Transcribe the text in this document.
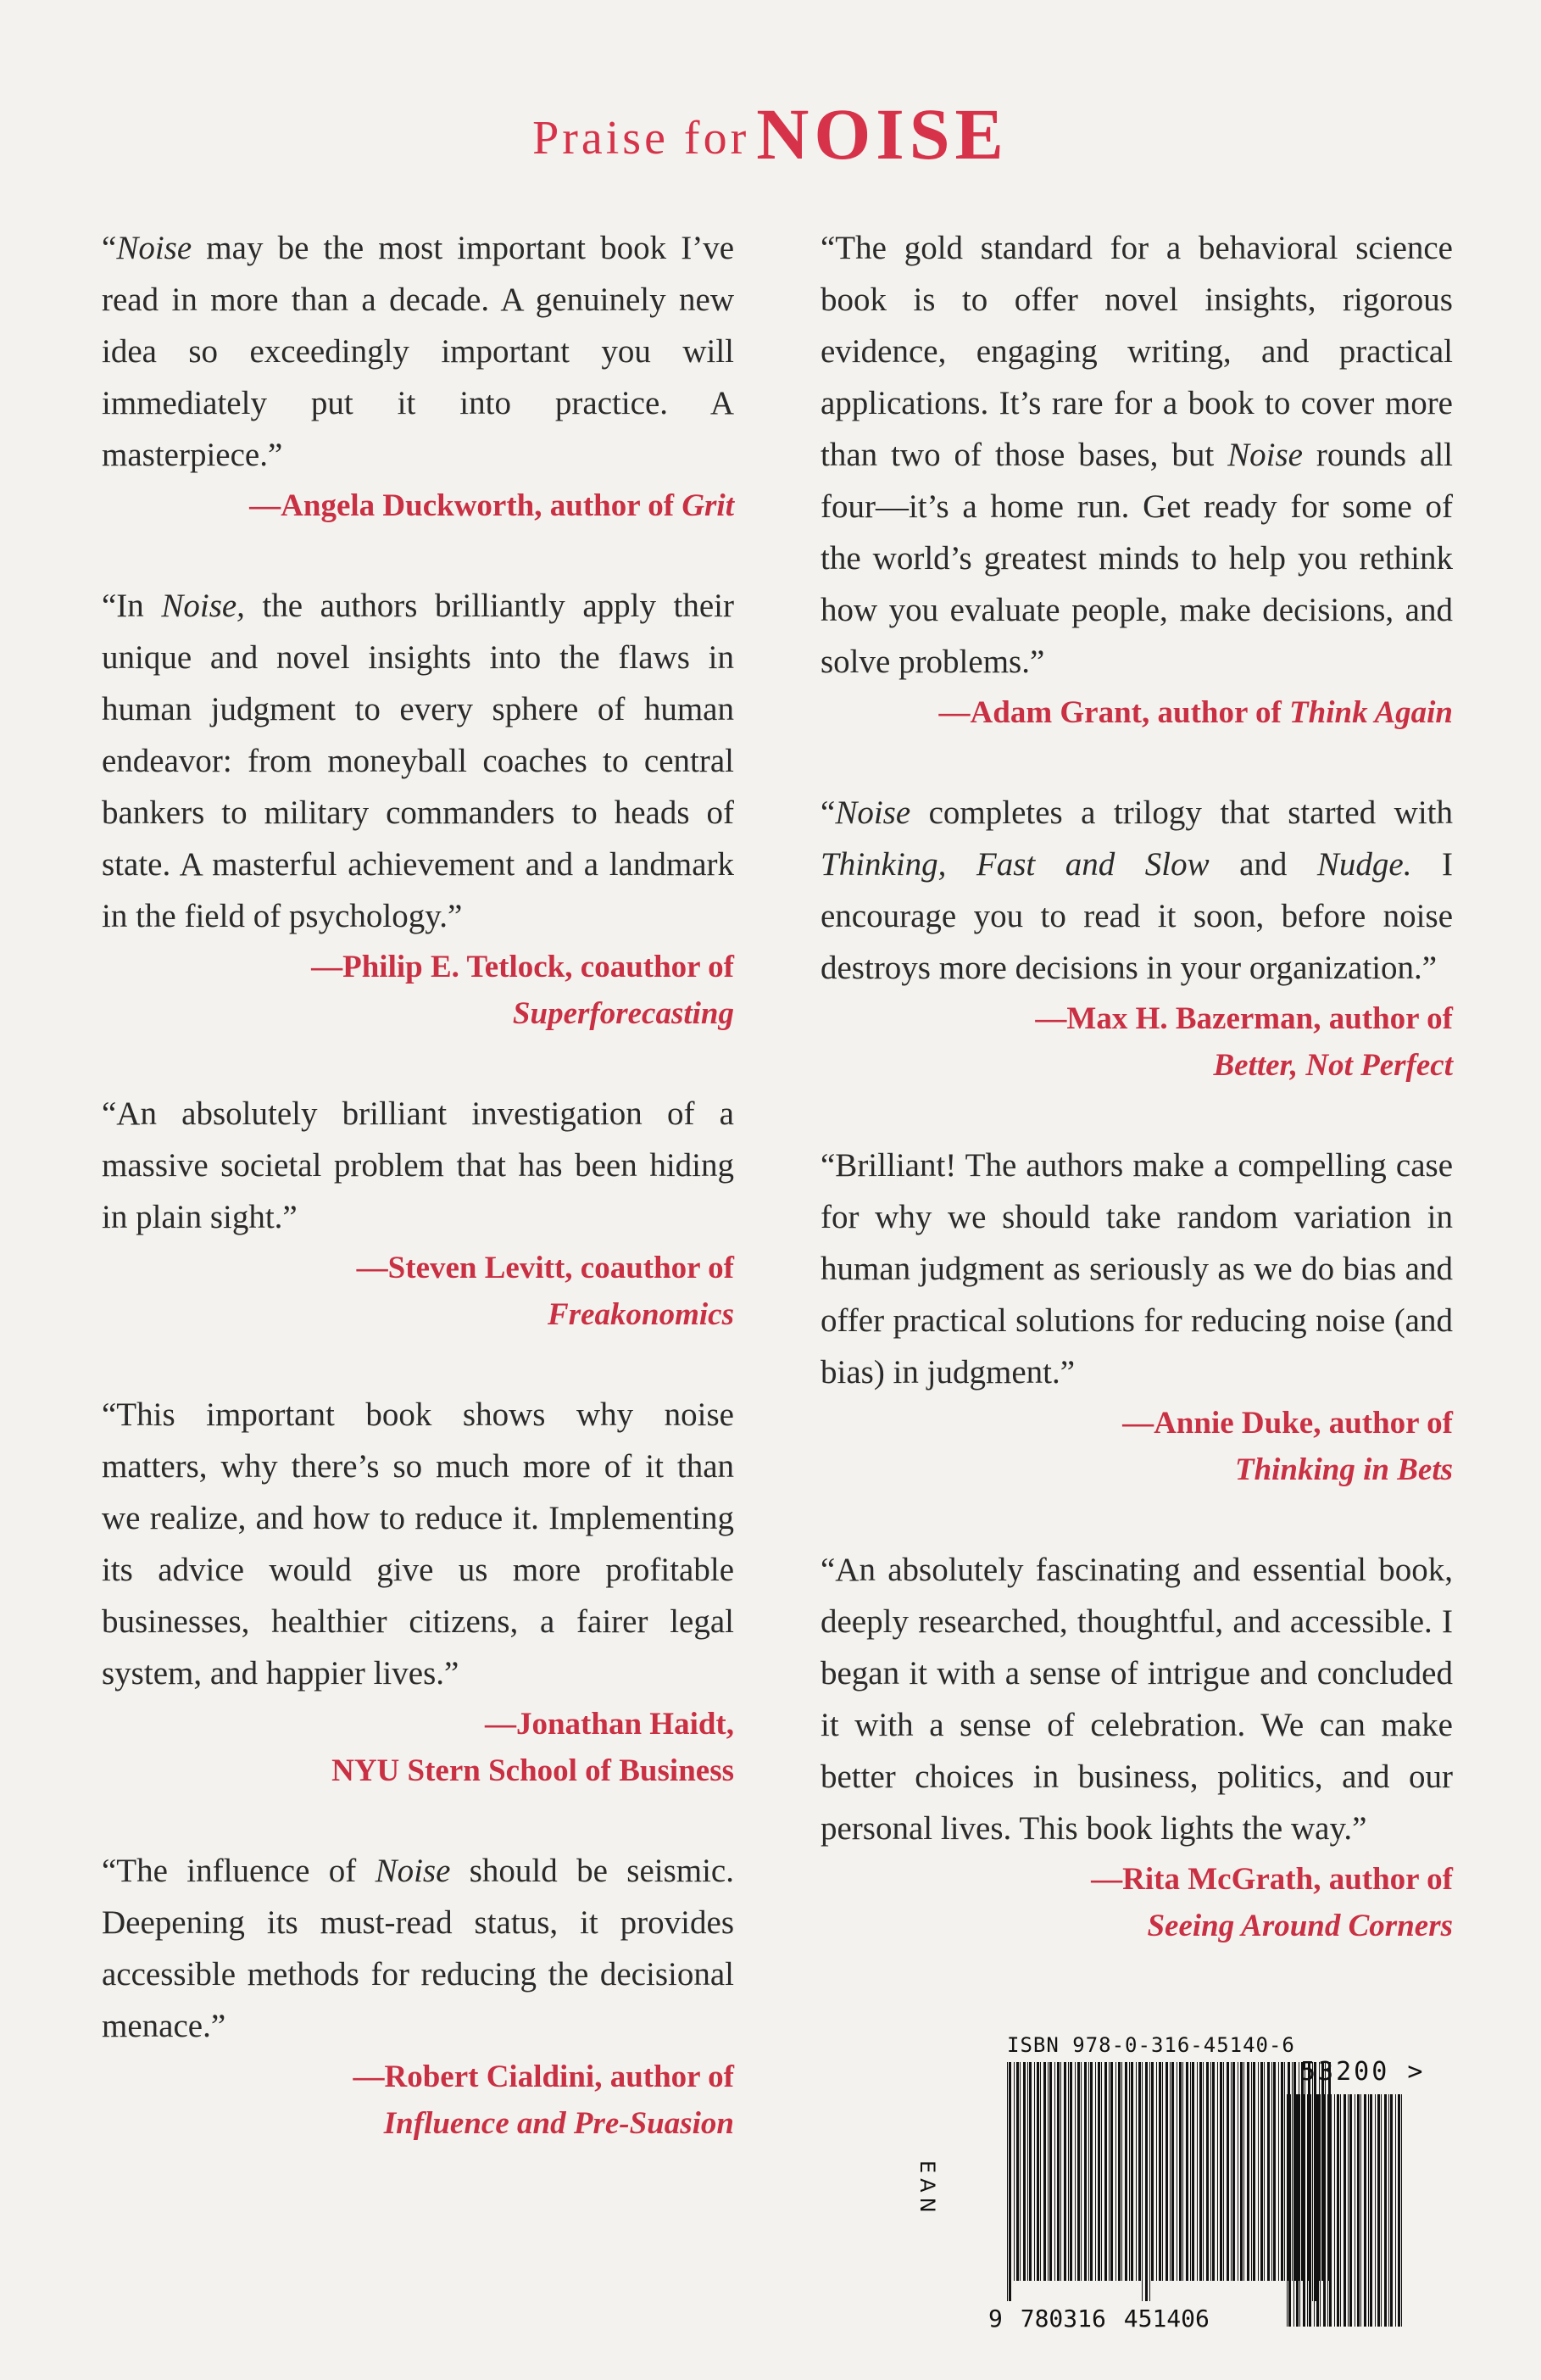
Praise for NOISE

“Noise may be the most important book I’ve read in more than a decade. A genuinely new idea so exceedingly important you will immediately put it into practice. A masterpiece.”

—Angela Duckworth, author of Grit

“In Noise, the authors brilliantly apply their unique and novel insights into the flaws in human judgment to every sphere of human endeavor: from moneyball coaches to central bankers to military commanders to heads of state. A masterful achievement and a landmark in the field of psychology.”

—Philip E. Tetlock, coauthor of
Superforecasting

“An absolutely brilliant investigation of a massive societal problem that has been hiding in plain sight.”

—Steven Levitt, coauthor of
Freakonomics

“This important book shows why noise matters, why there’s so much more of it than we realize, and how to reduce it. Implementing its advice would give us more profitable businesses, healthier citizens, a fairer legal system, and happier lives.”

—Jonathan Haidt,
NYU Stern School of Business

“The influence of Noise should be seismic. Deepening its must-read status, it provides accessible methods for reducing the decisional menace.”

—Robert Cialdini, author of
Influence and Pre-Suasion

“The gold standard for a behavioral science book is to offer novel insights, rigorous evidence, engaging writing, and practical applications. It’s rare for a book to cover more than two of those bases, but Noise rounds all four—it’s a home run. Get ready for some of the world’s greatest minds to help you rethink how you evaluate people, make decisions, and solve problems.”

—Adam Grant, author of Think Again

“Noise completes a trilogy that started with Thinking, Fast and Slow and Nudge. I encourage you to read it soon, before noise destroys more decisions in your organization.”

—Max H. Bazerman, author of
Better, Not Perfect

“Brilliant! The authors make a compelling case for why we should take random variation in human judgment as seriously as we do bias and offer practical solutions for reducing noise (and bias) in judgment.”

—Annie Duke, author of
Thinking in Bets

“An absolutely fascinating and essential book, deeply researched, thoughtful, and accessible. I began it with a sense of intrigue and concluded it with a sense of celebration. We can make better choices in business, politics, and our personal lives. This book lights the way.”

—Rita McGrath, author of
Seeing Around Corners
ISBN 978-0-316-45140-6
EAN
9 780316 451406
53200 >
